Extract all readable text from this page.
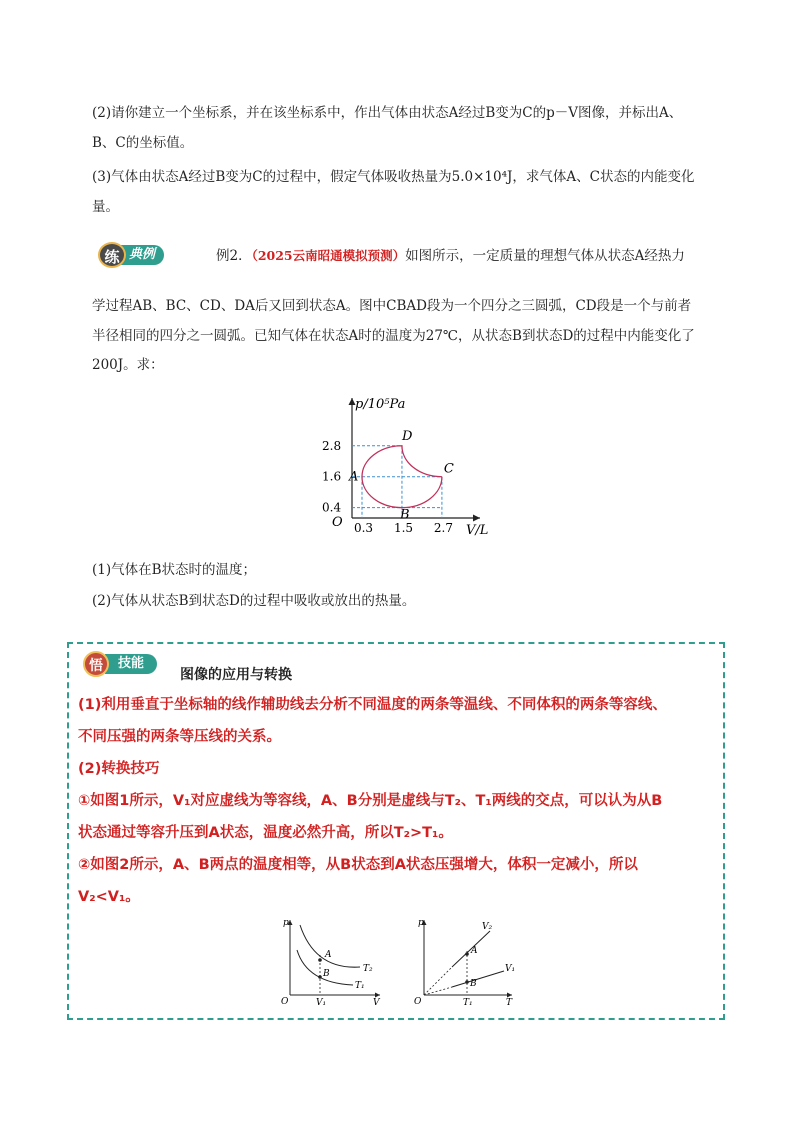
(2)请你建立一个坐标系，并在该坐标系中，作出气体由状态A经过B变为C的p－V图像，并标出A、
B、C的坐标值。
(3)气体由状态A经过B变为C的过程中，假定气体吸收热量为5.0×10⁴J，求气体A、C状态的内能变化
量。
典例
练	例2．（2025云南昭通模拟预测）如图所示，一定质量的理想气体从状态A经热力
学过程AB、BC、CD、DA后又回到状态A。图中CBAD段为一个四分之三圆弧，CD段是一个与前者
半径相同的四分之一圆弧。已知气体在状态A时的温度为27℃，从状态B到状态D的过程中内能变化了
200J。求：
0.3 1.5 2.7
0.4
1.6
2.8
A
B
C
D
p/10⁵Pa
V/L
O
(1)气体在B状态时的温度；
(2)气体从状态B到状态D的过程中吸收或放出的热量。
技能
悟
图像的应用与转换
(1)利用垂直于坐标轴的线作辅助线去分析不同温度的两条等温线、不同体积的两条等容线、
不同压强的两条等压线的关系。
(2)转换技巧
①如图1所示，V₁对应虚线为等容线，A、B分别是虚线与T₂、T₁两线的交点，可以认为从B
状态通过等容升压到A状态，温度必然升高，所以T₂>T₁。
②如图2所示，A、B两点的温度相等，从B状态到A状态压强增大，体积一定减小，所以
V₂<V₁。
p
V
O	V₁
A
B	T₂
T₁
p
T
O	T₁
A
B
V₂
V₁
